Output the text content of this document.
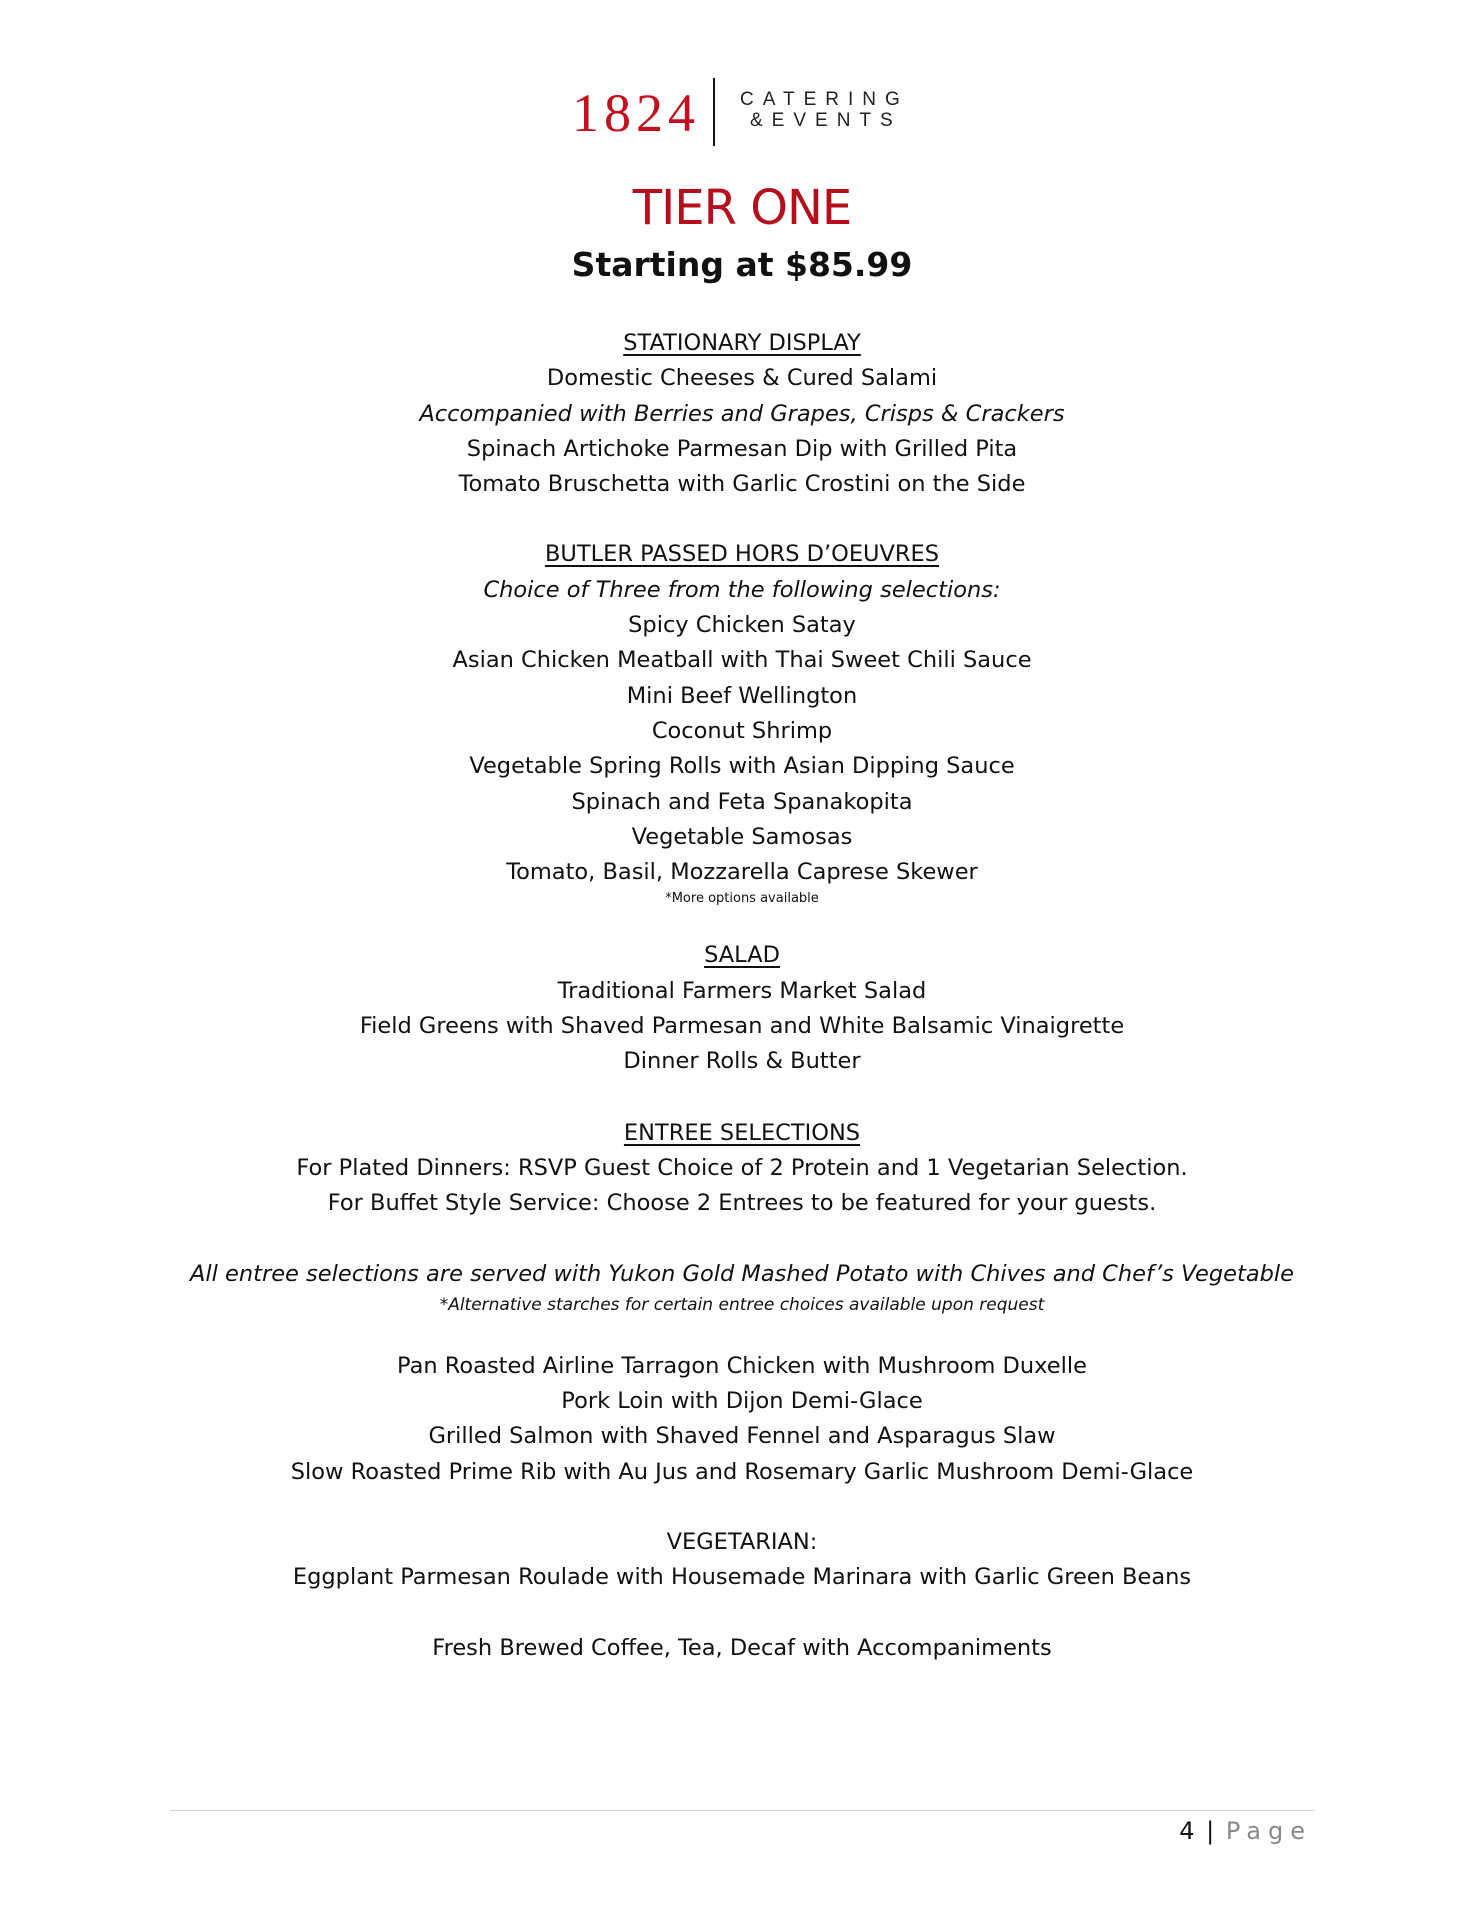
1824 CATERING
&EVENTS
TIER ONE
Starting at $85.99
STATIONARY DISPLAY
Domestic Cheeses & Cured Salami
Accompanied with Berries and Grapes, Crisps & Crackers
Spinach Artichoke Parmesan Dip with Grilled Pita
Tomato Bruschetta with Garlic Crostini on the Side
BUTLER PASSED HORS D’OEUVRES
Choice of Three from the following selections:
Spicy Chicken Satay
Asian Chicken Meatball with Thai Sweet Chili Sauce
Mini Beef Wellington
Coconut Shrimp
Vegetable Spring Rolls with Asian Dipping Sauce
Spinach and Feta Spanakopita
Vegetable Samosas
Tomato, Basil, Mozzarella Caprese Skewer
*More options available
SALAD
Traditional Farmers Market Salad
Field Greens with Shaved Parmesan and White Balsamic Vinaigrette
Dinner Rolls & Butter
ENTREE SELECTIONS
For Plated Dinners: RSVP Guest Choice of 2 Protein and 1 Vegetarian Selection.
For Buffet Style Service: Choose 2 Entrees to be featured for your guests.
All entree selections are served with Yukon Gold Mashed Potato with Chives and Chef’s Vegetable
*Alternative starches for certain entree choices available upon request
Pan Roasted Airline Tarragon Chicken with Mushroom Duxelle
Pork Loin with Dijon Demi-Glace
Grilled Salmon with Shaved Fennel and Asparagus Slaw
Slow Roasted Prime Rib with Au Jus and Rosemary Garlic Mushroom Demi-Glace
VEGETARIAN:
Eggplant Parmesan Roulade with Housemade Marinara with Garlic Green Beans
Fresh Brewed Coffee, Tea, Decaf with Accompaniments
4 | Page
